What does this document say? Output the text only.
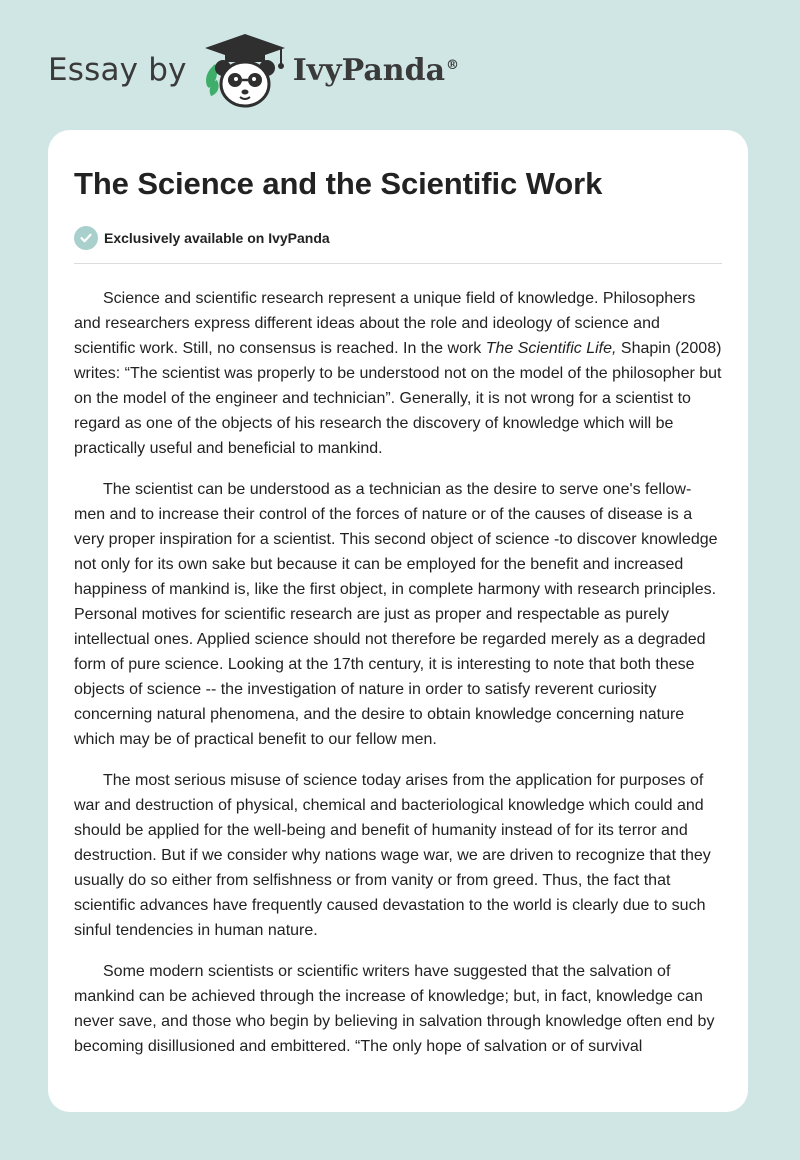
Essay by	IvyPanda®
The Science and the Scientific Work
Exclusively available on IvyPanda

Science and scientific research represent a unique field of knowledge. Philosophers and researchers express different ideas about the role and ideology of science and scientific work. Still, no consensus is reached. In the work The Scientific Life, Shapin (2008) writes: “The scientist was properly to be understood not on the model of the philosopher but on the model of the engineer and technician”. Generally, it is not wrong for a scientist to regard as one of the objects of his research the discovery of knowledge which will be practically useful and beneficial to mankind.

The scientist can be understood as a technician as the desire to serve one's fellow-men and to increase their control of the forces of nature or of the causes of disease is a very proper inspiration for a scientist. This second object of science -to discover knowledge not only for its own sake but because it can be employed for the benefit and increased happiness of mankind is, like the first object, in complete harmony with research principles. Personal motives for scientific research are just as proper and respectable as purely intellectual ones. Applied science should not therefore be regarded merely as a degraded form of pure science. Looking at the 17th century, it is interesting to note that both these objects of science -- the investigation of nature in order to satisfy reverent curiosity concerning natural phenomena, and the desire to obtain knowledge concerning nature which may be of practical benefit to our fellow men.

The most serious misuse of science today arises from the application for purposes of war and destruction of physical, chemical and bacteriological knowledge which could and should be applied for the well-being and benefit of humanity instead of for its terror and destruction. But if we consider why nations wage war, we are driven to recognize that they usually do so either from selfishness or from vanity or from greed. Thus, the fact that scientific advances have frequently caused devastation to the world is clearly due to such sinful tendencies in human nature.

Some modern scientists or scientific writers have suggested that the salvation of mankind can be achieved through the increase of knowledge; but, in fact, knowledge can never save, and those who begin by believing in salvation through knowledge often end by becoming disillusioned and embittered. “The only hope of salvation or of survival
